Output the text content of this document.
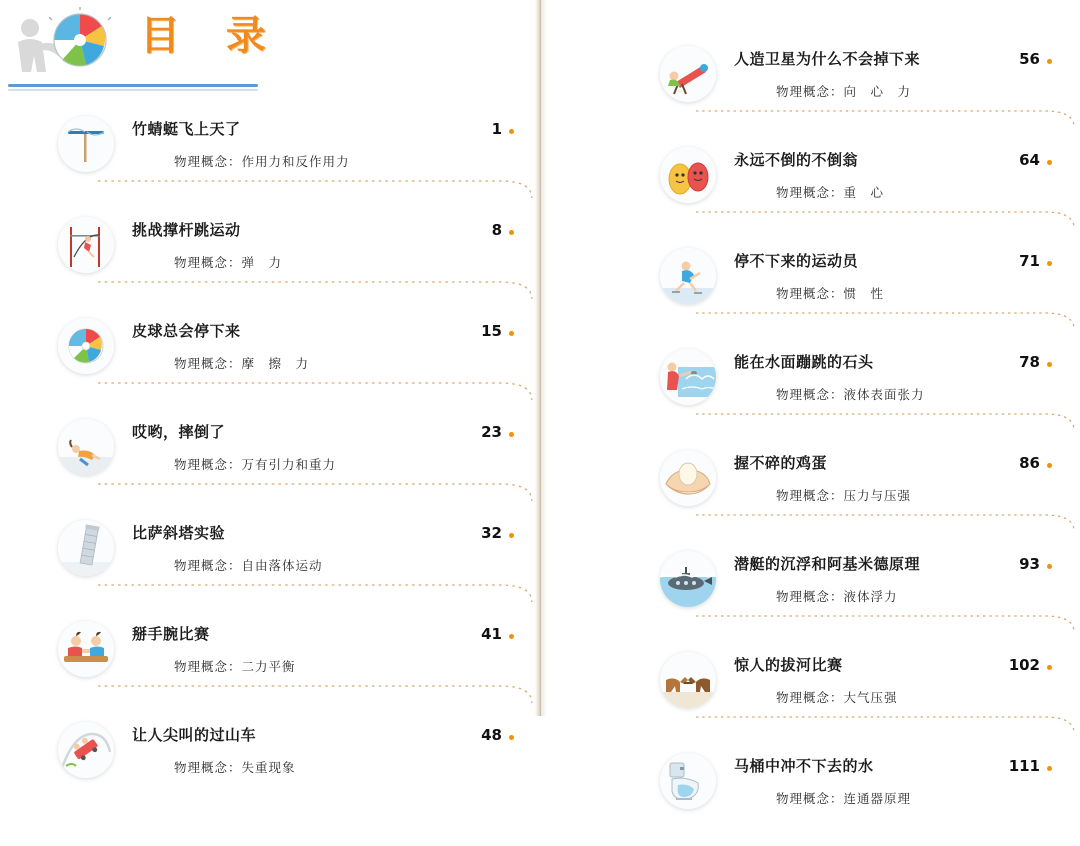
目 录
竹蜻蜓飞上天了	1
物理概念：作用力和反作用力
挑战撑杆跳运动	8
物理概念：弹　力
皮球总会停下来	15
物理概念：摩　擦　力
哎哟，摔倒了	23
物理概念：万有引力和重力
比萨斜塔实验	32
物理概念：自由落体运动
掰手腕比赛	41
物理概念：二力平衡
让人尖叫的过山车	48
物理概念：失重现象
人造卫星为什么不会掉下来	56
物理概念：向　心　力
永远不倒的不倒翁	64
物理概念：重　心
停不下来的运动员	71
物理概念：惯　性
能在水面蹦跳的石头	78
物理概念：液体表面张力
握不碎的鸡蛋	86
物理概念：压力与压强
潜艇的沉浮和阿基米德原理	93
物理概念：液体浮力
惊人的拔河比赛	102
物理概念：大气压强
马桶中冲不下去的水	111
物理概念：连通器原理
